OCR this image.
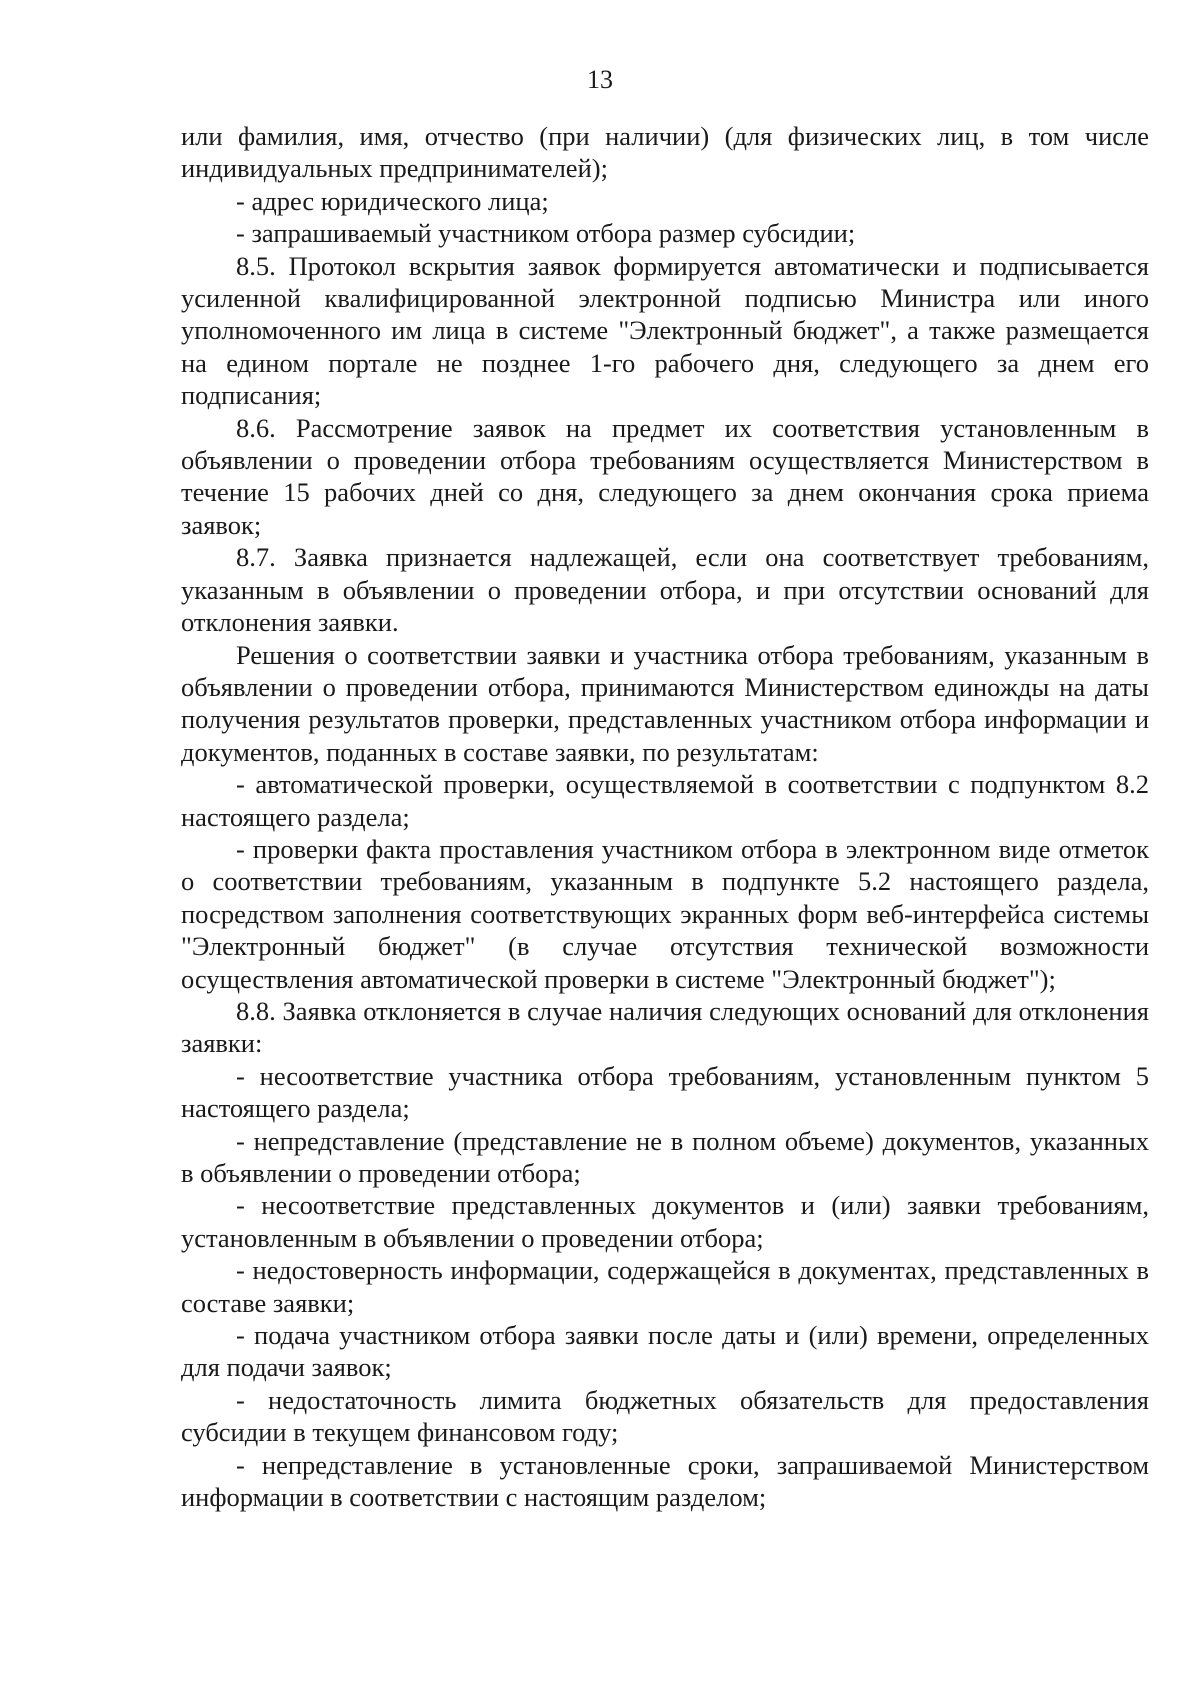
13

или фамилия, имя, отчество (при наличии) (для физических лиц, в том числе индивидуальных предпринимателей);

- адрес юридического лица;

- запрашиваемый участником отбора размер субсидии;

8.5. Протокол вскрытия заявок формируется автоматически и подписывается усиленной квалифицированной электронной подписью Министра или иного уполномоченного им лица в системе "Электронный бюджет", а также размещается на едином портале не позднее 1-го рабочего дня, следующего за днем его подписания;

8.6. Рассмотрение заявок на предмет их соответствия установленным в объявлении о проведении отбора требованиям осуществляется Министерством в течение 15 рабочих дней со дня, следующего за днем окончания срока приема заявок;

8.7. Заявка признается надлежащей, если она соответствует требованиям, указанным в объявлении о проведении отбора, и при отсутствии оснований для отклонения заявки.

Решения о соответствии заявки и участника отбора требованиям, указанным в объявлении о проведении отбора, принимаются Министерством единожды на даты получения результатов проверки, представленных участником отбора информации и документов, поданных в составе заявки, по результатам:

- автоматической проверки, осуществляемой в соответствии с подпунктом 8.2 настоящего раздела;

- проверки факта проставления участником отбора в электронном виде отметок о соответствии требованиям, указанным в подпункте 5.2 настоящего раздела, посредством заполнения соответствующих экранных форм веб-интерфейса системы "Электронный бюджет" (в случае отсутствия технической возможности осуществления автоматической проверки в системе "Электронный бюджет");

8.8. Заявка отклоняется в случае наличия следующих оснований для отклонения заявки:

- несоответствие участника отбора требованиям, установленным пунктом 5 настоящего раздела;

- непредставление (представление не в полном объеме) документов, указанных в объявлении о проведении отбора;

- несоответствие представленных документов и (или) заявки требованиям, установленным в объявлении о проведении отбора;

- недостоверность информации, содержащейся в документах, представленных в составе заявки;

- подача участником отбора заявки после даты и (или) времени, определенных для подачи заявок;

- недостаточность лимита бюджетных обязательств для предоставления субсидии в текущем финансовом году;

- непредставление в установленные сроки, запрашиваемой Министерством информации в соответствии с настоящим разделом;
